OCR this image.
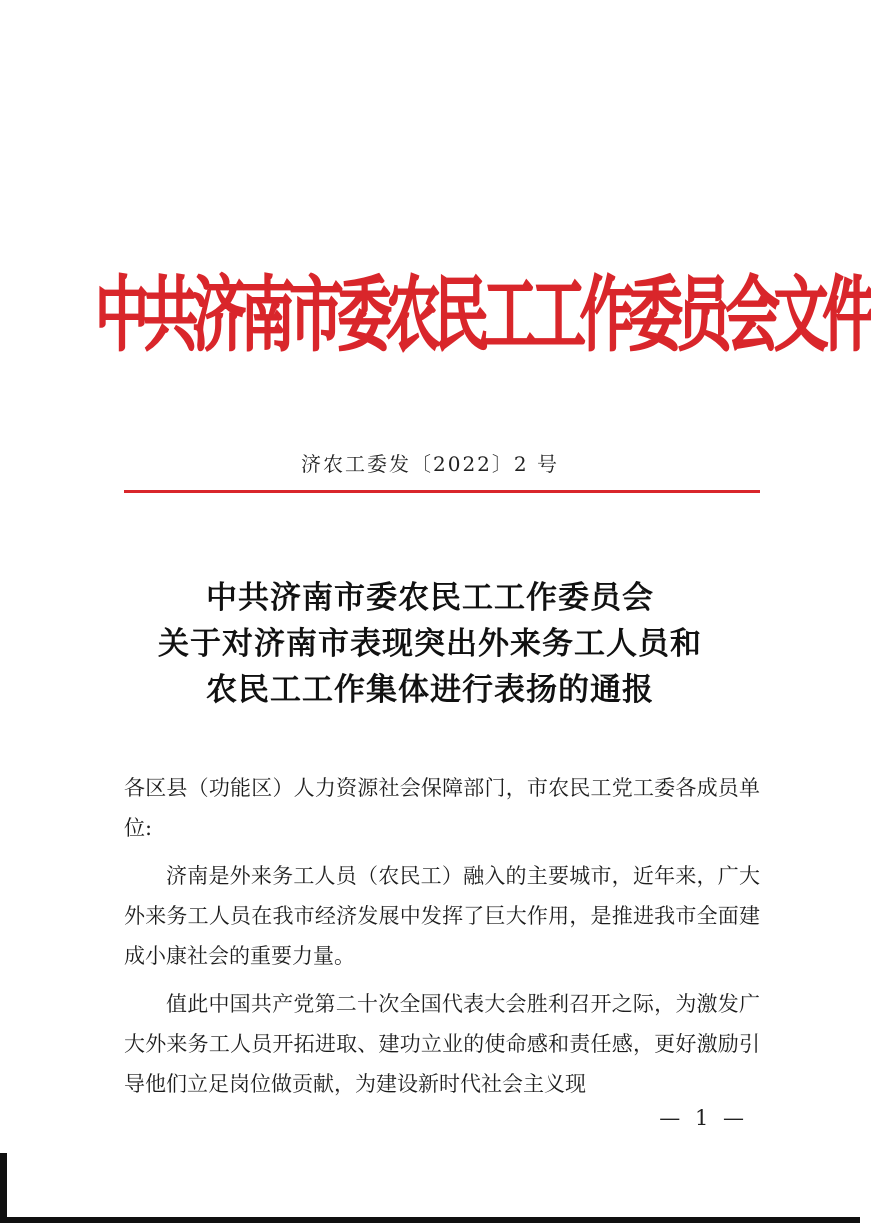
中共济南市委农民工工作委员会文件
济农工委发〔2022〕2 号
中共济南市委农民工工作委员会
关于对济南市表现突出外来务工人员和
农民工工作集体进行表扬的通报

各区县（功能区）人力资源社会保障部门，市农民工党工委各成员单位:

济南是外来务工人员（农民工）融入的主要城市，近年来，广大外来务工人员在我市经济发展中发挥了巨大作用，是推进我市全面建成小康社会的重要力量。

值此中国共产党第二十次全国代表大会胜利召开之际，为激发广大外来务工人员开拓进取、建功立业的使命感和责任感，更好激励引导他们立足岗位做贡献，为建设新时代社会主义现

— 1 —
